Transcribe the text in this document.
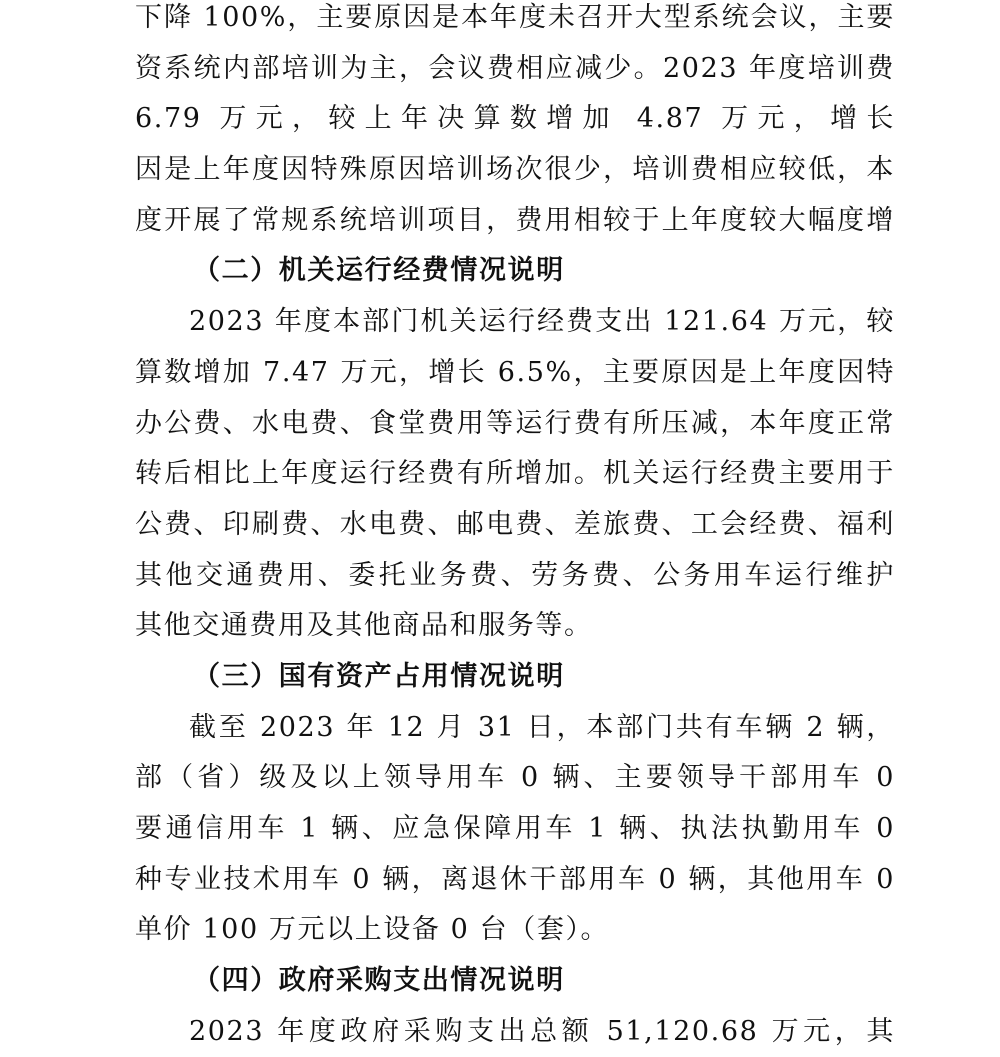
下降 100%，主要原因是本年度未召开大型系统会议，主要
资系统内部培训为主，会议费相应减少。2023 年度培训费
6.79 万元，较上年决算数增加 4.87 万元，增长
因是上年度因特殊原因培训场次很少，培训费相应较低，本
度开展了常规系统培训项目，费用相较于上年度较大幅度增
（二）机关运行经费情况说明
2023 年度本部门机关运行经费支出 121.64 万元，较
算数增加 7.47 万元，增长 6.5%，主要原因是上年度因特
办公费、水电费、食堂费用等运行费有所压减，本年度正常
转后相比上年度运行经费有所增加。机关运行经费主要用于
公费、印刷费、水电费、邮电费、差旅费、工会经费、福利
其他交通费用、委托业务费、劳务费、公务用车运行维护
其他交通费用及其他商品和服务等。
（三）国有资产占用情况说明
截至 2023 年 12 月 31 日，本部门共有车辆 2 辆，
部（省）级及以上领导用车 0 辆、主要领导干部用车 0
要通信用车 1 辆、应急保障用车 1 辆、执法执勤用车 0
种专业技术用车 0 辆，离退休干部用车 0 辆，其他用车 0
单价 100 万元以上设备 0 台（套）。
（四）政府采购支出情况说明
2023 年度政府采购支出总额 51,120.68 万元，其
